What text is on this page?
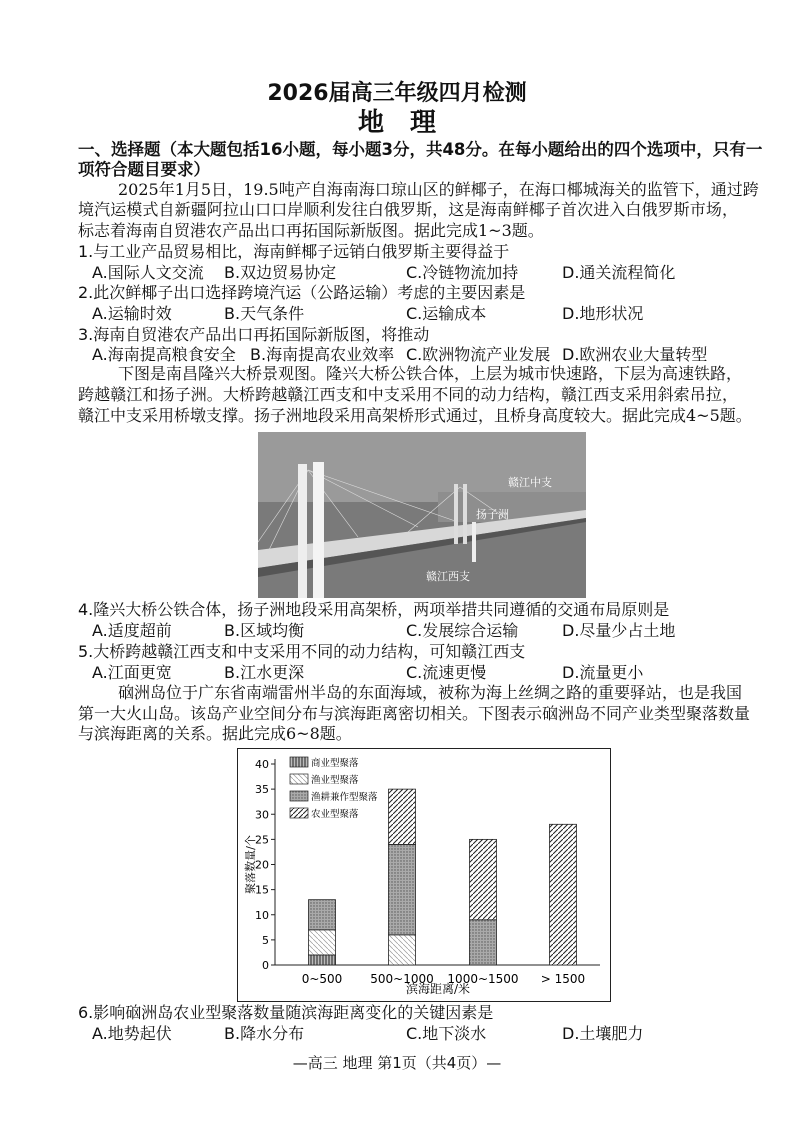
2026届高三年级四月检测
地　理
一、选择题（本大题包括16小题，每小题3分，共48分。在每小题给出的四个选项中，只有一
项符合题目要求）
2025年1月5日，19.5吨产自海南海口琼山区的鲜椰子，在海口椰城海关的监管下，通过跨
境汽运模式自新疆阿拉山口口岸顺利发往白俄罗斯，这是海南鲜椰子首次进入白俄罗斯市场，
标志着海南自贸港农产品出口再拓国际新版图。据此完成1~3题。
1.与工业产品贸易相比，海南鲜椰子远销白俄罗斯主要得益于
A.国际人文交流 B.双边贸易协定	C.冷链物流加持	D.通关流程简化
2.此次鲜椰子出口选择跨境汽运（公路运输）考虑的主要因素是
A.运输时效	B.天气条件	C.运输成本	D.地形状况
3.海南自贸港农产品出口再拓国际新版图，将推动
A.海南提高粮食安全 B.海南提高农业效率 C.欧洲物流产业发展 D.欧洲农业大量转型
下图是南昌隆兴大桥景观图。隆兴大桥公铁合体，上层为城市快速路，下层为高速铁路，
跨越赣江和扬子洲。大桥跨越赣江西支和中支采用不同的动力结构，赣江西支采用斜索吊拉，
赣江中支采用桥墩支撑。扬子洲地段采用高架桥形式通过，且桥身高度较大。据此完成4~5题。
赣江中支
扬子洲
赣江西支
4.隆兴大桥公铁合体，扬子洲地段采用高架桥，两项举措共同遵循的交通布局原则是
A.适度超前	B.区域均衡	C.发展综合运输	D.尽量少占土地
5.大桥跨越赣江西支和中支采用不同的动力结构，可知赣江西支
A.江面更宽	B.江水更深	C.流速更慢	D.流量更小
硇洲岛位于广东省南端雷州半岛的东面海域，被称为海上丝绸之路的重要驿站，也是我国
第一大火山岛。该岛产业空间分布与滨海距离密切相关。下图表示硇洲岛不同产业类型聚落数量
与滨海距离的关系。据此完成6~8题。
0
5
10
15
20
25
30
35
40
0~500 500~1000 1000~1500 > 1500
滨海距离/米
聚落数量/个
商业型聚落
渔业型聚落
渔耕兼作型聚落
农业型聚落
6.影响硇洲岛农业型聚落数量随滨海距离变化的关键因素是
A.地势起伏	B.降水分布	C.地下淡水	D.土壤肥力
—高三 地理 第1页（共4页）—
